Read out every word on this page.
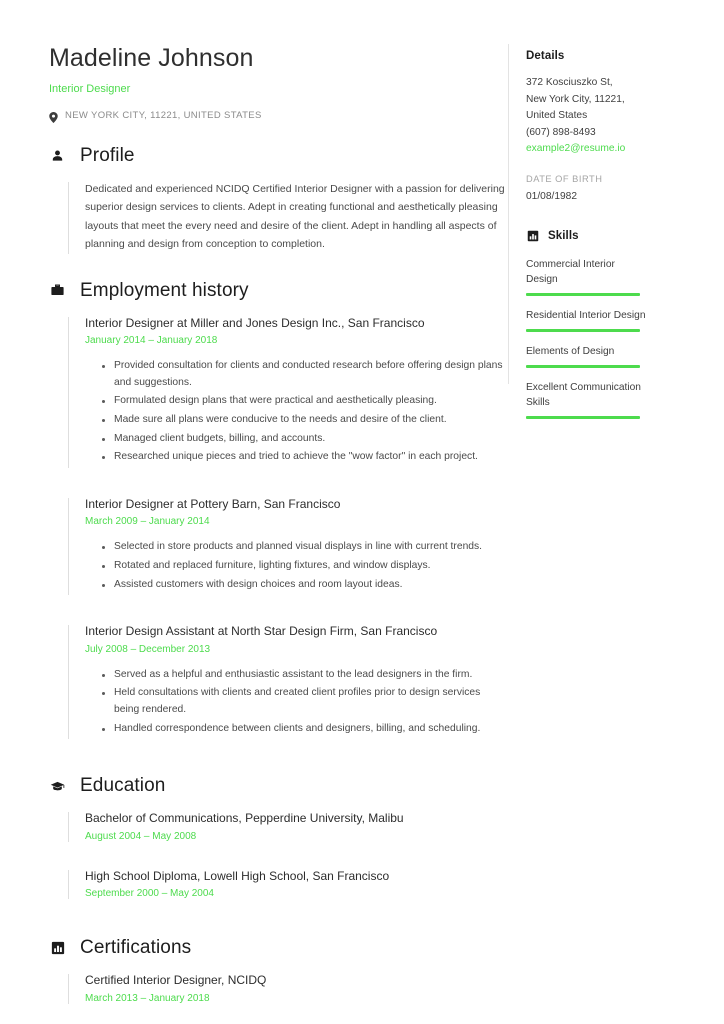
Madeline Johnson
Interior Designer
NEW YORK CITY, 11221, UNITED STATES
Profile

Dedicated and experienced NCIDQ Certified Interior Designer with a passion for delivering superior design services to clients. Adept in creating functional and aesthetically pleasing layouts that meet the every need and desire of the client. Adept in handling all aspects of planning and design from conception to completion.

Employment history
Interior Designer at Miller and Jones Design Inc., San Francisco
January 2014 – January 2018
Provided consultation for clients and conducted research before offering design plans and suggestions.
Formulated design plans that were practical and aesthetically pleasing.
Made sure all plans were conducive to the needs and desire of the client.
Managed client budgets, billing, and accounts.
Researched unique pieces and tried to achieve the "wow factor" in each project.
Interior Designer at Pottery Barn, San Francisco
March 2009 – January 2014
Selected in store products and planned visual displays in line with current trends.
Rotated and replaced furniture, lighting fixtures, and window displays.
Assisted customers with design choices and room layout ideas.
Interior Design Assistant at North Star Design Firm, San Francisco
July 2008 – December 2013
Served as a helpful and enthusiastic assistant to the lead designers in the firm.
Held consultations with clients and created client profiles prior to design services being rendered.
Handled correspondence between clients and designers, billing, and scheduling.
Education
Bachelor of Communications, Pepperdine University, Malibu
August 2004 – May 2008
High School Diploma, Lowell High School, San Francisco
September 2000 – May 2004
Certifications
Certified Interior Designer, NCIDQ
March 2013 – January 2018
Details
372 Kosciuszko St,
New York City, 11221,
United States
(607) 898-8493
example2@resume.io
DATE OF BIRTH
01/08/1982
Skills
Commercial Interior Design
Residential Interior Design
Elements of Design
Excellent Communication Skills
